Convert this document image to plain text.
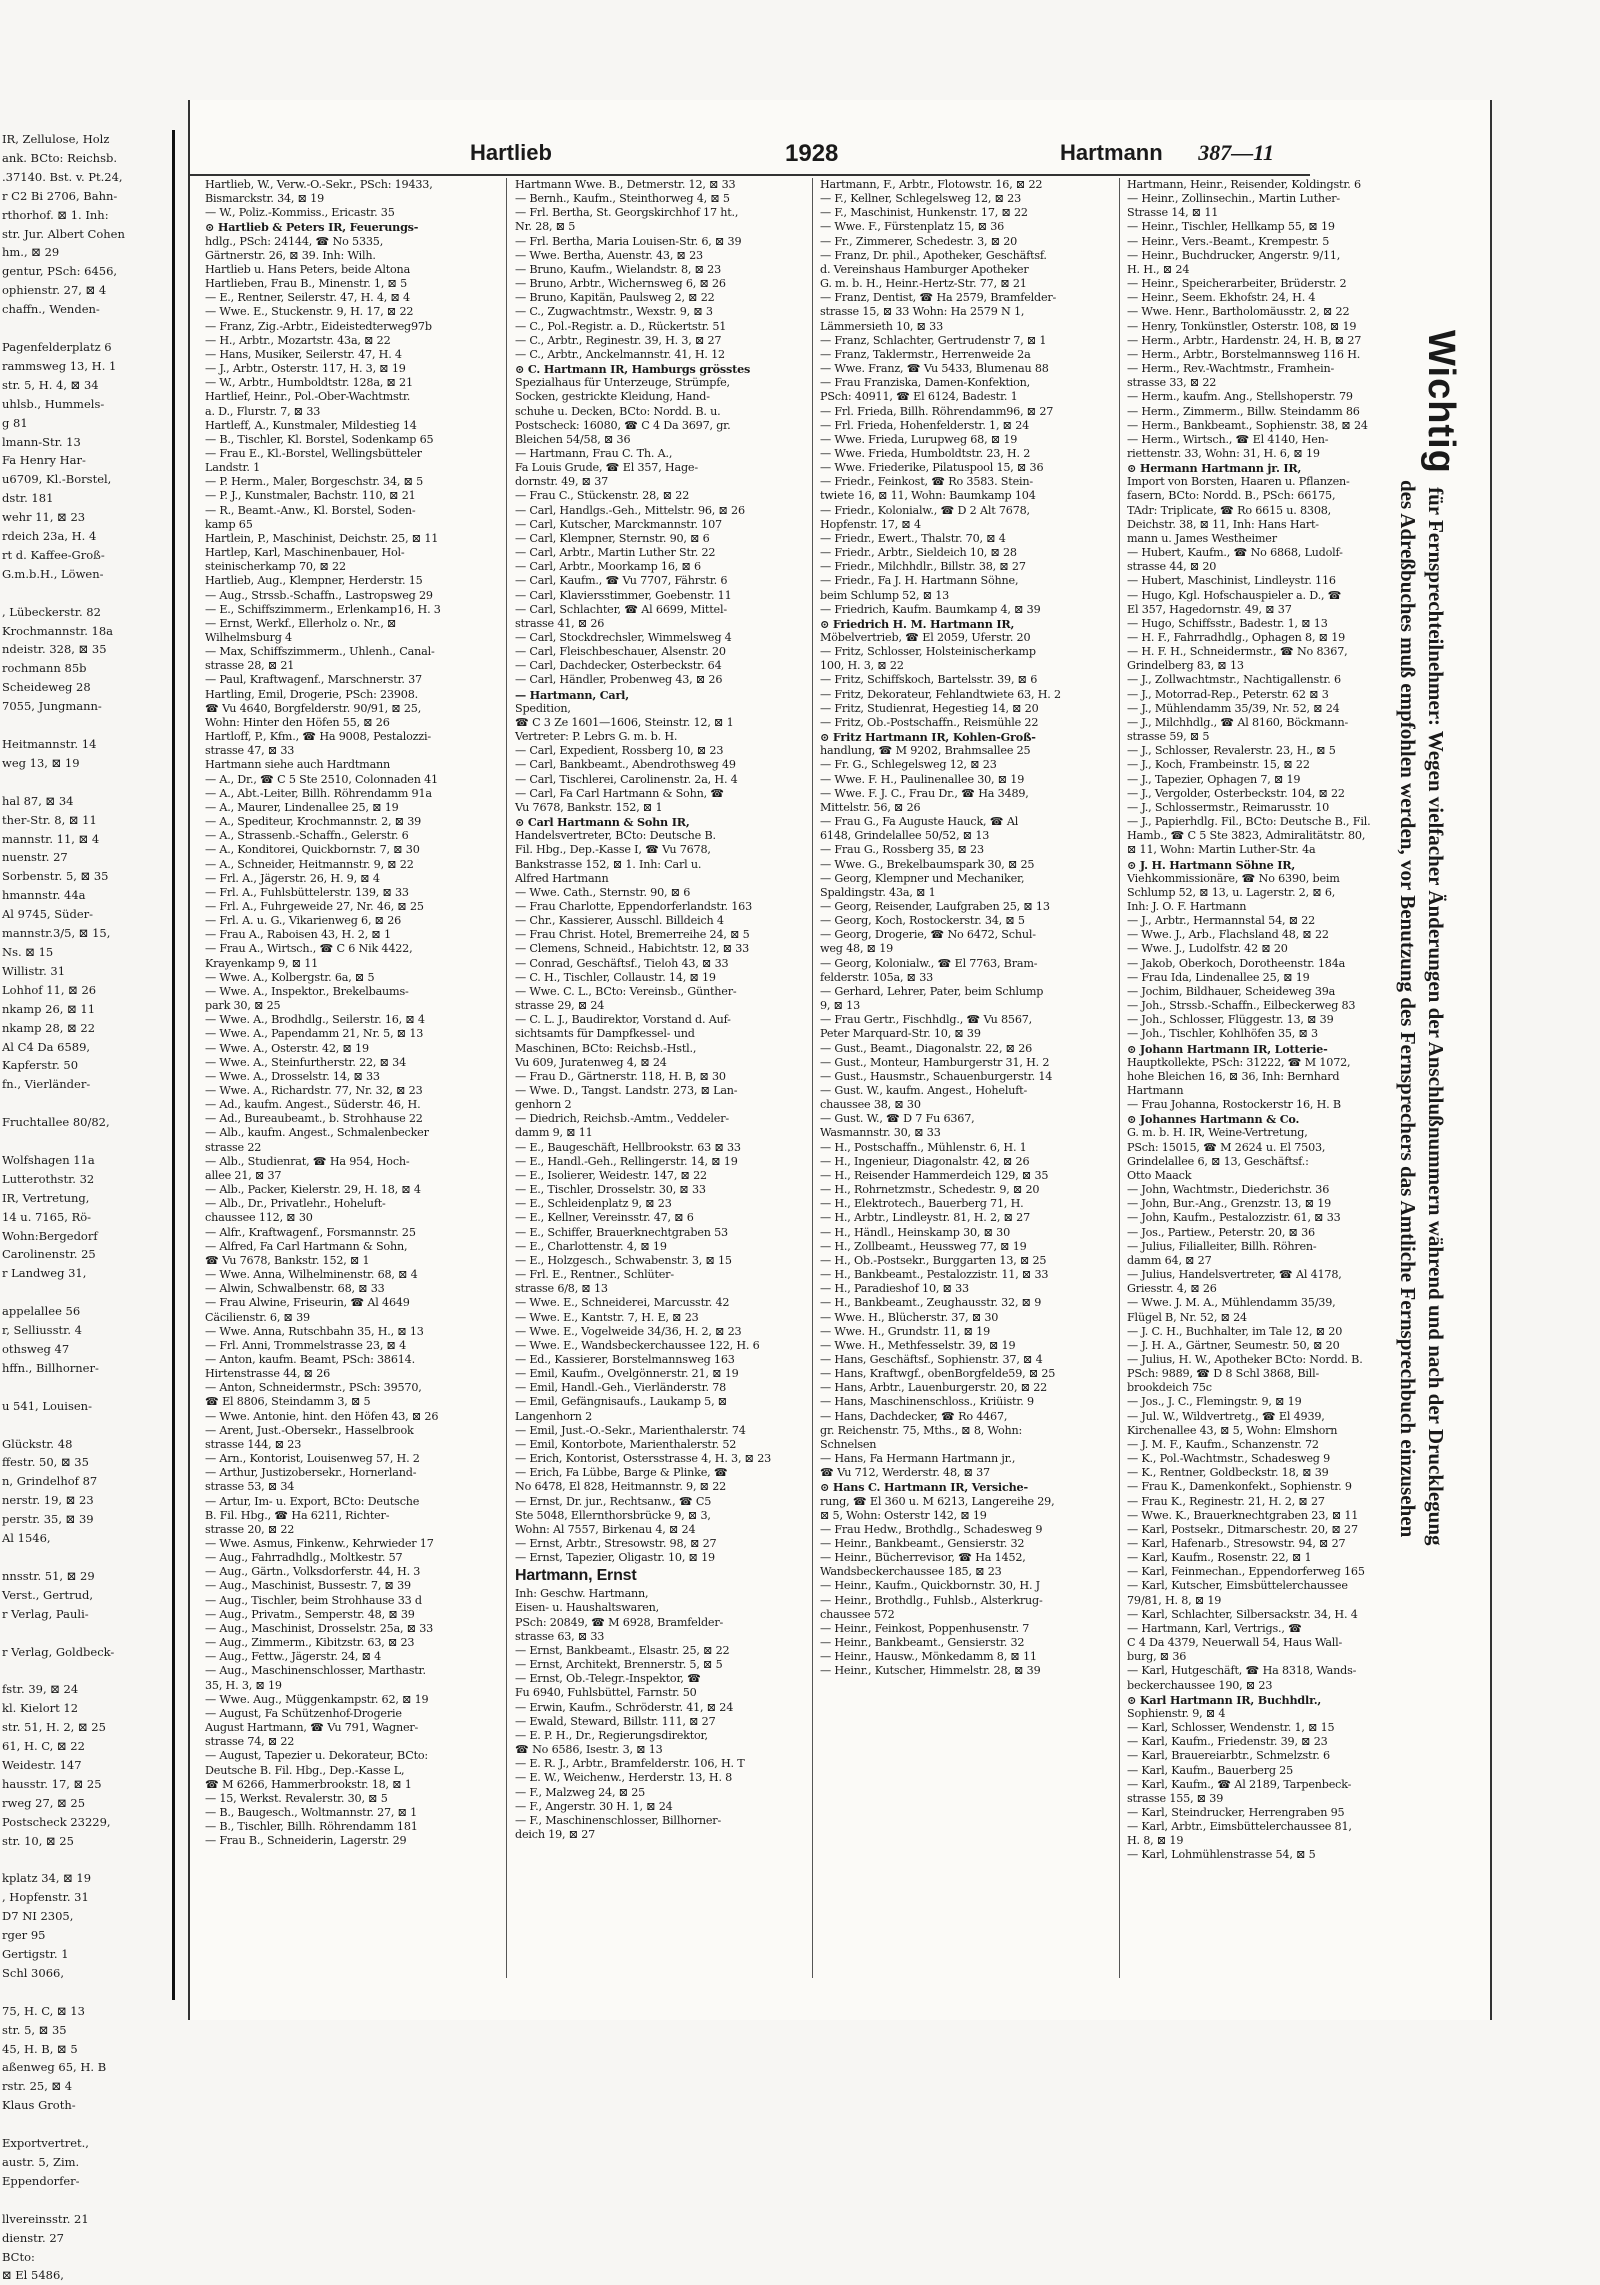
IR, Zellulose, Holz
ank. BCto: Reichsb.
.37140. Bst. v. Pt.24,
r C2 Bi 2706, Bahn-
rthorhof. ⊠ 1. Inh:
str. Jur. Albert Cohen
hm., ⊠ 29
gentur, PSch: 6456,
ophienstr. 27, ⊠ 4
chaffn., Wenden-

Pagenfelderplatz 6
rammsweg 13, H. 1
str. 5, H. 4, ⊠ 34
uhlsb., Hummels-
g 81
lmann-Str. 13
Fa Henry Har-
u6709, Kl.-Borstel,
dstr. 181
wehr 11, ⊠ 23
rdeich 23a, H. 4
rt d. Kaffee-Groß-
G.m.b.H., Löwen-

, Lübeckerstr. 82
Krochmannstr. 18a
ndeistr. 328, ⊠ 35
rochmann 85b
Scheideweg 28
7055, Jungmann-

Heitmannstr. 14
weg 13, ⊠ 19

hal 87, ⊠ 34
ther-Str. 8, ⊠ 11
mannstr. 11, ⊠ 4
nuenstr. 27
Sorbenstr. 5, ⊠ 35
hmannstr. 44a
Al 9745, Süder-
mannstr.3/5, ⊠ 15,
Ns. ⊠ 15
Willistr. 31
Lohhof 11, ⊠ 26
nkamp 26, ⊠ 11
nkamp 28, ⊠ 22
Al C4 Da 6589,
Kapferstr. 50
fn., Vierländer-

Fruchtallee 80/82,

Wolfshagen 11a
Lutterothstr. 32
IR, Vertretung,
14 u. 7165, Rö-
Wohn:Bergedorf
Carolinenstr. 25
r Landweg 31,

appelallee 56
r, Selliusstr. 4
othsweg 47
hffn., Billhorner-

u 541, Louisen-

Glückstr. 48
ffestr. 50, ⊠ 35
n, Grindelhof 87
nerstr. 19, ⊠ 23
perstr. 35, ⊠ 39
Al 1546,

nnsstr. 51, ⊠ 29
Verst., Gertrud,
r Verlag, Pauli-

r Verlag, Goldbeck-

fstr. 39, ⊠ 24
kl. Kielort 12
str. 51, H. 2, ⊠ 25
61, H. C, ⊠ 22
Weidestr. 147
hausstr. 17, ⊠ 25
rweg 27, ⊠ 25
Postscheck 23229,
str. 10, ⊠ 25

kplatz 34, ⊠ 19
, Hopfenstr. 31
D7 NI 2305,
rger 95
Gertigstr. 1
Schl 3066,

75, H. C, ⊠ 13
str. 5, ⊠ 35
45, H. B, ⊠ 5
aßenweg 65, H. B
rstr. 25, ⊠ 4
Klaus Groth-

Exportvertret.,
austr. 5, Zim.
Eppendorfer-

llvereinsstr. 21
dienstr. 27
BCto:
⊠ El 5486,
Hartlieb	1928	Hartmann 387—11
Hartlieb, W., Verw.-O.-Sekr., PSch: 19433,
Bismarckstr. 34, ⊠ 19
— W., Poliz.-Kommiss., Ericastr. 35
⊙ Hartlieb & Peters IR, Feuerungs-
hdlg., PSch: 24144, ☎ No 5335,
Gärtnerstr. 26, ⊠ 39. Inh: Wilh.
Hartlieb u. Hans Peters, beide Altona
Hartlieben, Frau B., Minenstr. 1, ⊠ 5
— E., Rentner, Seilerstr. 47, H. 4, ⊠ 4
— Wwe. E., Stuckenstr. 9, H. 17, ⊠ 22
— Franz, Zig.-Arbtr., Eideistedterweg97b
— H., Arbtr., Mozartstr. 43a, ⊠ 22
— Hans, Musiker, Seilerstr. 47, H. 4
— J., Arbtr., Osterstr. 117, H. 3, ⊠ 19
— W., Arbtr., Humboldtstr. 128a, ⊠ 21
Hartlief, Heinr., Pol.-Ober-Wachtmstr.
a. D., Flurstr. 7, ⊠ 33
Hartleff, A., Kunstmaler, Mildestieg 14
— B., Tischler, Kl. Borstel, Sodenkamp 65
— Frau E., Kl.-Borstel, Wellingsbütteler
Landstr. 1
— P. Herm., Maler, Borgeschstr. 34, ⊠ 5
— P. J., Kunstmaler, Bachstr. 110, ⊠ 21
— R., Beamt.-Anw., Kl. Borstel, Soden-
kamp 65
Hartlein, P., Maschinist, Deichstr. 25, ⊠ 11
Hartlep, Karl, Maschinenbauer, Hol-
steinischerkamp 70, ⊠ 22
Hartlieb, Aug., Klempner, Herderstr. 15
— Aug., Strssb.-Schaffn., Lastropsweg 29
— E., Schiffszimmerm., Erlenkamp16, H. 3
— Ernst, Werkf., Ellerholz o. Nr., ⊠
Wilhelmsburg 4
— Max, Schiffszimmerm., Uhlenh., Canal-
strasse 28, ⊠ 21
— Paul, Kraftwagenf., Marschnerstr. 37
Hartling, Emil, Drogerie, PSch: 23908.
☎ Vu 4640, Borgfelderstr. 90/91, ⊠ 25,
Wohn: Hinter den Höfen 55, ⊠ 26
Hartloff, P., Kfm., ☎ Ha 9008, Pestalozzi-
strasse 47, ⊠ 33
Hartmann siehe auch Hardtmann
— A., Dr., ☎ C 5 Ste 2510, Colonnaden 41
— A., Abt.-Leiter, Billh. Röhrendamm 91a
— A., Maurer, Lindenallee 25, ⊠ 19
— A., Spediteur, Krochmannstr. 2, ⊠ 39
— A., Strassenb.-Schaffn., Gelerstr. 6
— A., Konditorei, Quickbornstr. 7, ⊠ 30
— A., Schneider, Heitmannstr. 9, ⊠ 22
— Frl. A., Jägerstr. 26, H. 9, ⊠ 4
— Frl. A., Fuhlsbüttelerstr. 139, ⊠ 33
— Frl. A., Fuhrgeweide 27, Nr. 46, ⊠ 25
— Frl. A. u. G., Vikarienweg 6, ⊠ 26
— Frau A., Raboisen 43, H. 2, ⊠ 1
— Frau A., Wirtsch., ☎ C 6 Nik 4422,
Krayenkamp 9, ⊠ 11
— Wwe. A., Kolbergstr. 6a, ⊠ 5
— Wwe. A., Inspektor., Brekelbaums-
park 30, ⊠ 25
— Wwe. A., Brodhdlg., Seilerstr. 16, ⊠ 4
— Wwe. A., Papendamm 21, Nr. 5, ⊠ 13
— Wwe. A., Osterstr. 42, ⊠ 19
— Wwe. A., Steinfurtherstr. 22, ⊠ 34
— Wwe. A., Drosselstr. 14, ⊠ 33
— Wwe. A., Richardstr. 77, Nr. 32, ⊠ 23
— Ad., kaufm. Angest., Süderstr. 46, H.
— Ad., Bureaubeamt., b. Strohhause 22
— Alb., kaufm. Angest., Schmalenbecker
strasse 22
— Alb., Studienrat, ☎ Ha 954, Hoch-
allee 21, ⊠ 37
— Alb., Packer, Kielerstr. 29, H. 18, ⊠ 4
— Alb., Dr., Privatlehr., Hoheluft-
chaussee 112, ⊠ 30
— Alfr., Kraftwagenf., Forsmannstr. 25
— Alfred, Fa Carl Hartmann & Sohn,
☎ Vu 7678, Bankstr. 152, ⊠ 1
— Wwe. Anna, Wilhelminenstr. 68, ⊠ 4
— Alwin, Schwalbenstr. 68, ⊠ 33
— Frau Alwine, Friseurin, ☎ Al 4649
Cäcilienstr. 6, ⊠ 39
— Wwe. Anna, Rutschbahn 35, H., ⊠ 13
— Frl. Anni, Trommelstrasse 23, ⊠ 4
— Anton, kaufm. Beamt, PSch: 38614.
Hirtenstrasse 44, ⊠ 26
— Anton, Schneidermstr., PSch: 39570,
☎ El 8806, Steindamm 3, ⊠ 5
— Wwe. Antonie, hint. den Höfen 43, ⊠ 26
— Arent, Just.-Obersekr., Hasselbrook
strasse 144, ⊠ 23
— Arn., Kontorist, Louisenweg 57, H. 2
— Arthur, Justizobersekr., Hornerland-
strasse 53, ⊠ 34
— Artur, Im- u. Export, BCto: Deutsche
B. Fil. Hbg., ☎ Ha 6211, Richter-
strasse 20, ⊠ 22
— Wwe. Asmus, Finkenw., Kehrwieder 17
— Aug., Fahrradhdlg., Moltkestr. 57
— Aug., Gärtn., Volksdorferstr. 44, H. 3
— Aug., Maschinist, Bussestr. 7, ⊠ 39
— Aug., Tischler, beim Strohhause 33 d
— Aug., Privatm., Semperstr. 48, ⊠ 39
— Aug., Maschinist, Drosselstr. 25a, ⊠ 33
— Aug., Zimmerm., Kibitzstr. 63, ⊠ 23
— Aug., Fettw., Jägerstr. 24, ⊠ 4
— Aug., Maschinenschlosser, Marthastr.
35, H. 3, ⊠ 19
— Wwe. Aug., Müggenkampstr. 62, ⊠ 19
— August, Fa Schützenhof-Drogerie
August Hartmann, ☎ Vu 791, Wagner-
strasse 74, ⊠ 22
— August, Tapezier u. Dekorateur, BCto:
Deutsche B. Fil. Hbg., Dep.-Kasse L,
☎ M 6266, Hammerbrookstr. 18, ⊠ 1
— 15, Werkst. Revalerstr. 30, ⊠ 5
— B., Baugesch., Woltmannstr. 27, ⊠ 1
— B., Tischler, Billh. Röhrendamm 181
— Frau B., Schneiderin, Lagerstr. 29
Hartmann Wwe. B., Detmerstr. 12, ⊠ 33
— Bernh., Kaufm., Steinthorweg 4, ⊠ 5
— Frl. Bertha, St. Georgskirchhof 17 ht.,
Nr. 28, ⊠ 5
— Frl. Bertha, Maria Louisen-Str. 6, ⊠ 39
— Wwe. Bertha, Auenstr. 43, ⊠ 23
— Bruno, Kaufm., Wielandstr. 8, ⊠ 23
— Bruno, Arbtr., Wichernsweg 6, ⊠ 26
— Bruno, Kapitän, Paulsweg 2, ⊠ 22
— C., Zugwachtmstr., Wexstr. 9, ⊠ 3
— C., Pol.-Registr. a. D., Rückertstr. 51
— C., Arbtr., Reginestr. 39, H. 3, ⊠ 27
— C., Arbtr., Anckelmannstr. 41, H. 12
⊙ C. Hartmann IR, Hamburgs grösstes
Spezialhaus für Unterzeuge, Strümpfe,
Socken, gestrickte Kleidung, Hand-
schuhe u. Decken, BCto: Nordd. B. u.
Postscheck: 16080, ☎ C 4 Da 3697, gr.
Bleichen 54/58, ⊠ 36
— Hartmann, Frau C. Th. A.,
Fa Louis Grude, ☎ El 357, Hage-
dornstr. 49, ⊠ 37
— Frau C., Stückenstr. 28, ⊠ 22
— Carl, Handlgs.-Geh., Mittelstr. 96, ⊠ 26
— Carl, Kutscher, Marckmannstr. 107
— Carl, Klempner, Sternstr. 90, ⊠ 6
— Carl, Arbtr., Martin Luther Str. 22
— Carl, Arbtr., Moorkamp 16, ⊠ 6
— Carl, Kaufm., ☎ Vu 7707, Fährstr. 6
— Carl, Klaviersstimmer, Goebenstr. 11
— Carl, Schlachter, ☎ Al 6699, Mittel-
strasse 41, ⊠ 26
— Carl, Stockdrechsler, Wimmelsweg 4
— Carl, Fleischbeschauer, Alsenstr. 20
— Carl, Dachdecker, Osterbeckstr. 64
— Carl, Händler, Probenweg 43, ⊠ 26
— Hartmann, Carl,
Spedition,
☎ C 3 Ze 1601—1606, Steinstr. 12, ⊠ 1
Vertreter: P. Lebrs G. m. b. H.
— Carl, Expedient, Rossberg 10, ⊠ 23
— Carl, Bankbeamt., Abendrothsweg 49
— Carl, Tischlerei, Carolinenstr. 2a, H. 4
— Carl, Fa Carl Hartmann & Sohn, ☎
Vu 7678, Bankstr. 152, ⊠ 1
⊙ Carl Hartmann & Sohn IR,
Handelsvertreter, BCto: Deutsche B.
Fil. Hbg., Dep.-Kasse I, ☎ Vu 7678,
Bankstrasse 152, ⊠ 1. Inh: Carl u.
Alfred Hartmann
— Wwe. Cath., Sternstr. 90, ⊠ 6
— Frau Charlotte, Eppendorferlandstr. 163
— Chr., Kassierer, Ausschl. Billdeich 4
— Frau Christ. Hotel, Bremerreihe 24, ⊠ 5
— Clemens, Schneid., Habichtstr. 12, ⊠ 33
— Conrad, Geschäftsf., Tieloh 43, ⊠ 33
— C. H., Tischler, Collaustr. 14, ⊠ 19
— Wwe. C. L., BCto: Vereinsb., Günther-
strasse 29, ⊠ 24
— C. L. J., Baudirektor, Vorstand d. Auf-
sichtsamts für Dampfkessel- und
Maschinen, BCto: Reichsb.-Hstl.,
Vu 609, Juratenweg 4, ⊠ 24
— Frau D., Gärtnerstr. 118, H. B, ⊠ 30
— Wwe. D., Tangst. Landstr. 273, ⊠ Lan-
genhorn 2
— Diedrich, Reichsb.-Amtm., Veddeler-
damm 9, ⊠ 11
— E., Baugeschäft, Hellbrookstr. 63 ⊠ 33
— E., Handl.-Geh., Rellingerstr. 14, ⊠ 19
— E., Isolierer, Weidestr. 147, ⊠ 22
— E., Tischler, Drosselstr. 30, ⊠ 33
— E., Schleidenplatz 9, ⊠ 23
— E., Kellner, Vereinsstr. 47, ⊠ 6
— E., Schiffer, Brauerknechtgraben 53
— E., Charlottenstr. 4, ⊠ 19
— E., Holzgesch., Schwabenstr. 3, ⊠ 15
— Frl. E., Rentner., Schlüter-
strasse 6/8, ⊠ 13
— Wwe. E., Schneiderei, Marcusstr. 42
— Wwe. E., Kantstr. 7, H. E, ⊠ 23
— Wwe. E., Vogelweide 34/36, H. 2, ⊠ 23
— Wwe. E., Wandsbeckerchaussee 122, H. 6
— Ed., Kassierer, Borstelmannsweg 163
— Emil, Kaufm., Ovelgönnerstr. 21, ⊠ 19
— Emil, Handl.-Geh., Vierländerstr. 78
— Emil, Gefängnisaufs., Laukamp 5, ⊠
Langenhorn 2
— Emil, Just.-O.-Sekr., Marienthalerstr. 74
— Emil, Kontorbote, Marienthalerstr. 52
— Erich, Kontorist, Ostersstrasse 4, H. 3, ⊠ 23
— Erich, Fa Lübbe, Barge & Plinke, ☎
No 6478, El 828, Heitmannstr. 9, ⊠ 22
— Ernst, Dr. jur., Rechtsanw., ☎ C5
Ste 5048, Ellernthorsbrücke 9, ⊠ 3,
Wohn: Al 7557, Birkenau 4, ⊠ 24
— Ernst, Arbtr., Stresowstr. 98, ⊠ 27
— Ernst, Tapezier, Oligastr. 10, ⊠ 19
Hartmann, Ernst
Inh: Geschw. Hartmann,
Eisen- u. Haushaltswaren,
PSch: 20849, ☎ M 6928, Bramfelder-
strasse 63, ⊠ 33
— Ernst, Bankbeamt., Elsastr. 25, ⊠ 22
— Ernst, Architekt, Brennerstr. 5, ⊠ 5
— Ernst, Ob.-Telegr.-Inspektor, ☎
Fu 6940, Fuhlsbüttel, Farnstr. 50
— Erwin, Kaufm., Schröderstr. 41, ⊠ 24
— Ewald, Steward, Billstr. 111, ⊠ 27
— E. P. H., Dr., Regierungsdirektor,
☎ No 6586, Isestr. 3, ⊠ 13
— E. R. J., Arbtr., Bramfelderstr. 106, H. T
— E. W., Weichenw., Herderstr. 13, H. 8
— F., Malzweg 24, ⊠ 25
— F., Angerstr. 30 H. 1, ⊠ 24
— F., Maschinenschlosser, Billhorner-
deich 19, ⊠ 27
Hartmann, F., Arbtr., Flotowstr. 16, ⊠ 22
— F., Kellner, Schlegelsweg 12, ⊠ 23
— F., Maschinist, Hunkenstr. 17, ⊠ 22
— Wwe. F., Fürstenplatz 15, ⊠ 36
— Fr., Zimmerer, Schedestr. 3, ⊠ 20
— Franz, Dr. phil., Apotheker, Geschäftsf.
d. Vereinshaus Hamburger Apotheker
G. m. b. H., Heinr.-Hertz-Str. 77, ⊠ 21
— Franz, Dentist, ☎ Ha 2579, Bramfelder-
strasse 15, ⊠ 33 Wohn: Ha 2579 N 1,
Lämmersieth 10, ⊠ 33
— Franz, Schlachter, Gertrudenstr 7, ⊠ 1
— Franz, Taklermstr., Herrenweide 2a
— Wwe. Franz, ☎ Vu 5433, Blumenau 88
— Frau Franziska, Damen-Konfektion,
PSch: 40911, ☎ El 6124, Badestr. 1
— Frl. Frieda, Billh. Röhrendamm96, ⊠ 27
— Frl. Frieda, Hohenfelderstr. 1, ⊠ 24
— Wwe. Frieda, Lurupweg 68, ⊠ 19
— Wwe. Frieda, Humboldtstr. 23, H. 2
— Wwe. Friederike, Pilatuspool 15, ⊠ 36
— Friedr., Feinkost, ☎ Ro 3583. Stein-
twiete 16, ⊠ 11, Wohn: Baumkamp 104
— Friedr., Kolonialw., ☎ D 2 Alt 7678,
Hopfenstr. 17, ⊠ 4
— Friedr., Ewert., Thalstr. 70, ⊠ 4
— Friedr., Arbtr., Sieldeich 10, ⊠ 28
— Friedr., Milchhdlr., Billstr. 38, ⊠ 27
— Friedr., Fa J. H. Hartmann Söhne,
beim Schlump 52, ⊠ 13
— Friedrich, Kaufm. Baumkamp 4, ⊠ 39
⊙ Friedrich H. M. Hartmann IR,
Möbelvertrieb, ☎ El 2059, Uferstr. 20
— Fritz, Schlosser, Holsteinischerkamp
100, H. 3, ⊠ 22
— Fritz, Schiffskoch, Bartelsstr. 39, ⊠ 6
— Fritz, Dekorateur, Fehlandtwiete 63, H. 2
— Fritz, Studienrat, Hegestieg 14, ⊠ 20
— Fritz, Ob.-Postschaffn., Reismühle 22
⊙ Fritz Hartmann IR, Kohlen-Groß-
handlung, ☎ M 9202, Brahmsallee 25
— Fr. G., Schlegelsweg 12, ⊠ 23
— Wwe. F. H., Paulinenallee 30, ⊠ 19
— Wwe. F. J. C., Frau Dr., ☎ Ha 3489,
Mittelstr. 56, ⊠ 26
— Frau G., Fa Auguste Hauck, ☎ Al
6148, Grindelallee 50/52, ⊠ 13
— Frau G., Rossberg 35, ⊠ 23
— Wwe. G., Brekelbaumspark 30, ⊠ 25
— Georg, Klempner und Mechaniker,
Spaldingstr. 43a, ⊠ 1
— Georg, Reisender, Laufgraben 25, ⊠ 13
— Georg, Koch, Rostockerstr. 34, ⊠ 5
— Georg, Drogerie, ☎ No 6472, Schul-
weg 48, ⊠ 19
— Georg, Kolonialw., ☎ El 7763, Bram-
felderstr. 105a, ⊠ 33
— Gerhard, Lehrer, Pater, beim Schlump
9, ⊠ 13
— Frau Gertr., Fischhdlg., ☎ Vu 8567,
Peter Marquard-Str. 10, ⊠ 39
— Gust., Beamt., Diagonalstr. 22, ⊠ 26
— Gust., Monteur, Hamburgerstr 31, H. 2
— Gust., Hausmstr., Schauenburgerstr. 14
— Gust. W., kaufm. Angest., Hoheluft-
chaussee 38, ⊠ 30
— Gust. W., ☎ D 7 Fu 6367,
Wasmannstr. 30, ⊠ 33
— H., Postschaffn., Mühlenstr. 6, H. 1
— H., Ingenieur, Diagonalstr. 42, ⊠ 26
— H., Reisender Hammerdeich 129, ⊠ 35
— H., Rohrnetzmstr., Schedestr. 9, ⊠ 20
— H., Elektrotech., Bauerberg 71, H.
— H., Arbtr., Lindleystr. 81, H. 2, ⊠ 27
— H., Händl., Heinskamp 30, ⊠ 30
— H., Zollbeamt., Heussweg 77, ⊠ 19
— H., Ob.-Postsekr., Burggarten 13, ⊠ 25
— H., Bankbeamt., Pestalozzistr. 11, ⊠ 33
— H., Paradieshof 10, ⊠ 33
— H., Bankbeamt., Zeughausstr. 32, ⊠ 9
— Wwe. H., Blücherstr. 37, ⊠ 30
— Wwe. H., Grundstr. 11, ⊠ 19
— Wwe. H., Methfesselstr. 39, ⊠ 19
— Hans, Geschäftsf., Sophienstr. 37, ⊠ 4
— Hans, Kraftwgf., obenBorgfelde59, ⊠ 25
— Hans, Arbtr., Lauenburgerstr. 20, ⊠ 22
— Hans, Maschinenschloss., Kriüistr. 9
— Hans, Dachdecker, ☎ Ro 4467,
gr. Reichenstr. 75, Mths., ⊠ 8, Wohn:
Schnelsen
— Hans, Fa Hermann Hartmann jr.,
☎ Vu 712, Werderstr. 48, ⊠ 37
⊙ Hans C. Hartmann IR, Versiche-
rung, ☎ El 360 u. M 6213, Langereihe 29,
⊠ 5, Wohn: Osterstr 142, ⊠ 19
— Frau Hedw., Brothdlg., Schadesweg 9
— Heinr., Bankbeamt., Gensierstr. 32
— Heinr., Bücherrevisor, ☎ Ha 1452,
Wandsbeckerchaussee 185, ⊠ 23
— Heinr., Kaufm., Quickbornstr. 30, H. J
— Heinr., Brothdlg., Fuhlsb., Alsterkrug-
chaussee 572
— Heinr., Feinkost, Poppenhusenstr. 7
— Heinr., Bankbeamt., Gensierstr. 32
— Heinr., Hausw., Mönkedamm 8, ⊠ 11
— Heinr., Kutscher, Himmelstr. 28, ⊠ 39
Hartmann, Heinr., Reisender, Koldingstr. 6
— Heinr., Zollinsechin., Martin Luther-
Strasse 14, ⊠ 11
— Heinr., Tischler, Hellkamp 55, ⊠ 19
— Heinr., Vers.-Beamt., Krempestr. 5
— Heinr., Buchdrucker, Angerstr. 9/11,
H. H., ⊠ 24
— Heinr., Speicherarbeiter, Brüderstr. 2
— Heinr., Seem. Ekhofstr. 24, H. 4
— Wwe. Henr., Bartholomäusstr. 2, ⊠ 22
— Henry, Tonkünstler, Osterstr. 108, ⊠ 19
— Herm., Arbtr., Hardenstr. 24, H. B, ⊠ 27
— Herm., Arbtr., Borstelmannsweg 116 H.
— Herm., Rev.-Wachtmstr., Framhein-
strasse 33, ⊠ 22
— Herm., kaufm. Ang., Stellshoperstr. 79
— Herm., Zimmerm., Billw. Steindamm 86
— Herm., Bankbeamt., Sophienstr. 38, ⊠ 24
— Herm., Wirtsch., ☎ El 4140, Hen-
riettenstr. 33, Wohn: 31, H. 6, ⊠ 19
⊙ Hermann Hartmann jr. IR,
Import von Borsten, Haaren u. Pflanzen-
fasern, BCto: Nordd. B., PSch: 66175,
TAdr: Triplicate, ☎ Ro 6615 u. 8308,
Deichstr. 38, ⊠ 11, Inh: Hans Hart-
mann u. James Westheimer
— Hubert, Kaufm., ☎ No 6868, Ludolf-
strasse 44, ⊠ 20
— Hubert, Maschinist, Lindleystr. 116
— Hugo, Kgl. Hofschauspieler a. D., ☎
El 357, Hagedornstr. 49, ⊠ 37
— Hugo, Schiffsstr., Badestr. 1, ⊠ 13
— H. F., Fahrradhdlg., Ophagen 8, ⊠ 19
— H. F. H., Schneidermstr., ☎ No 8367,
Grindelberg 83, ⊠ 13
— J., Zollwachtmstr., Nachtigallenstr. 6
— J., Motorrad-Rep., Peterstr. 62 ⊠ 3
— J., Mühlendamm 35/39, Nr. 52, ⊠ 24
— J., Milchhdlg., ☎ Al 8160, Böckmann-
strasse 59, ⊠ 5
— J., Schlosser, Revalerstr. 23, H., ⊠ 5
— J., Koch, Frambeinstr. 15, ⊠ 22
— J., Tapezier, Ophagen 7, ⊠ 19
— J., Vergolder, Osterbeckstr. 104, ⊠ 22
— J., Schlossermstr., Reimarusstr. 10
— J., Papierhdlg. Fil., BCto: Deutsche B., Fil.
Hamb., ☎ C 5 Ste 3823, Admiralitätstr. 80,
⊠ 11, Wohn: Martin Luther-Str. 4a
⊙ J. H. Hartmann Söhne IR,
Viehkommissionäre, ☎ No 6390, beim
Schlump 52, ⊠ 13, u. Lagerstr. 2, ⊠ 6,
Inh: J. O. F. Hartmann
— J., Arbtr., Hermannstal 54, ⊠ 22
— Wwe. J., Arb., Flachsland 48, ⊠ 22
— Wwe. J., Ludolfstr. 42 ⊠ 20
— Jakob, Oberkoch, Dorotheenstr. 184a
— Frau Ida, Lindenallee 25, ⊠ 19
— Jochim, Bildhauer, Scheideweg 39a
— Joh., Strssb.-Schaffn., Eilbeckerweg 83
— Joh., Schlosser, Flüggestr. 13, ⊠ 39
— Joh., Tischler, Kohlhöfen 35, ⊠ 3
⊙ Johann Hartmann IR, Lotterie-
Hauptkollekte, PSch: 31222, ☎ M 1072,
hohe Bleichen 16, ⊠ 36, Inh: Bernhard
Hartmann
— Frau Johanna, Rostockerstr 16, H. B
⊙ Johannes Hartmann & Co.
G. m. b. H. IR, Weine-Vertretung,
PSch: 15015, ☎ M 2624 u. El 7503,
Grindelallee 6, ⊠ 13, Geschäftsf.:
Otto Maack
— John, Wachtmstr., Diederichstr. 36
— John, Bur.-Ang., Grenzstr. 13, ⊠ 19
— John, Kaufm., Pestalozzistr. 61, ⊠ 33
— Jos., Partiew., Peterstr. 20, ⊠ 36
— Julius, Filialleiter, Billh. Röhren-
damm 64, ⊠ 27
— Julius, Handelsvertreter, ☎ Al 4178,
Griesstr. 4, ⊠ 26
— Wwe. J. M. A., Mühlendamm 35/39,
Flügel B, Nr. 52, ⊠ 24
— J. C. H., Buchhalter, im Tale 12, ⊠ 20
— J. H. A., Gärtner, Seumestr. 50, ⊠ 20
— Julius, H. W., Apotheker BCto: Nordd. B.
PSch: 9889, ☎ D 8 Schl 3868, Bill-
brookdeich 75c
— Jos., J. C., Flemingstr. 9, ⊠ 19
— Jul. W., Wildvertretg., ☎ El 4939,
Kirchenallee 43, ⊠ 5, Wohn: Elmshorn
— J. M. F., Kaufm., Schanzenstr. 72
— K., Pol.-Wachtmstr., Schadesweg 9
— K., Rentner, Goldbeckstr. 18, ⊠ 39
— Frau K., Damenkonfekt., Sophienstr. 9
— Frau K., Reginestr. 21, H. 2, ⊠ 27
— Wwe. K., Brauerknechtgraben 23, ⊠ 11
— Karl, Postsekr., Ditmarschestr. 20, ⊠ 27
— Karl, Hafenarb., Stresowstr. 94, ⊠ 27
— Karl, Kaufm., Rosenstr. 22, ⊠ 1
— Karl, Feinmechan., Eppendorferweg 165
— Karl, Kutscher, Eimsbüttelerchaussee
79/81, H. 8, ⊠ 19
— Karl, Schlachter, Silbersackstr. 34, H. 4
— Hartmann, Karl, Vertrigs., ☎
C 4 Da 4379, Neuerwall 54, Haus Wall-
burg, ⊠ 36
— Karl, Hutgeschäft, ☎ Ha 8318, Wands-
beckerchaussee 190, ⊠ 23
⊙ Karl Hartmann IR, Buchhdlr.,
Sophienstr. 9, ⊠ 4
— Karl, Schlosser, Wendenstr. 1, ⊠ 15
— Karl, Kaufm., Friedenstr. 39, ⊠ 23
— Karl, Brauereiarbtr., Schmelzstr. 6
— Karl, Kaufm., Bauerberg 25
— Karl, Kaufm., ☎ Al 2189, Tarpenbeck-
strasse 155, ⊠ 39
— Karl, Steindrucker, Herrengraben 95
— Karl, Arbtr., Eimsbüttelerchaussee 81,
H. 8, ⊠ 19
— Karl, Lohmühlenstrasse 54, ⊠ 5
Wichtig für Fernsprechteilnehmer: Wegen vielfacher Änderungen der Anschlußnummern während und nach der Drucklegung
des Adreßbuches muß empfohlen werden, vor Benutzung des Fernsprechers das Amtliche Fernsprechbuch einzusehen
